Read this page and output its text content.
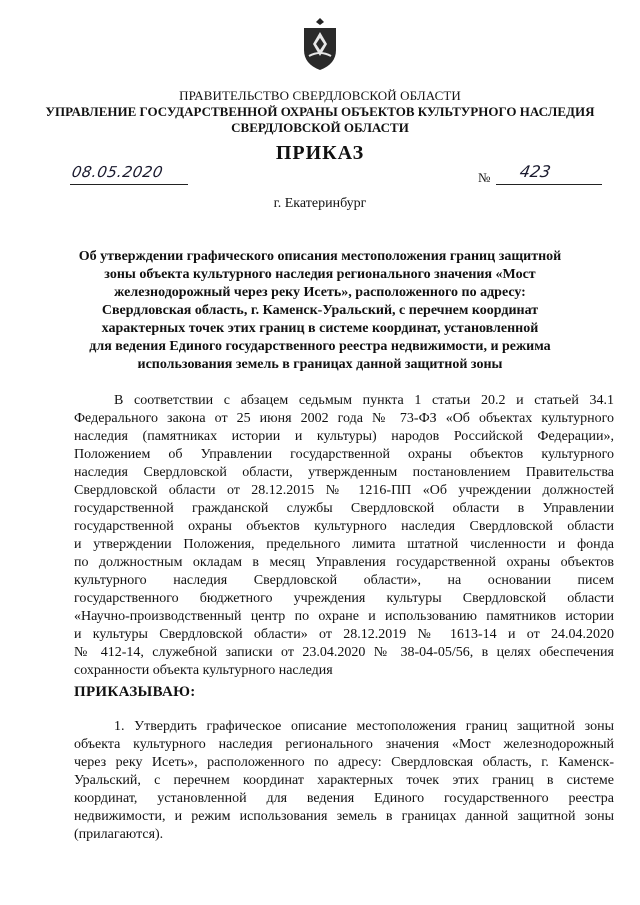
ПРАВИТЕЛЬСТВО СВЕРДЛОВСКОЙ ОБЛАСТИ
УПРАВЛЕНИЕ ГОСУДАРСТВЕННОЙ ОХРАНЫ ОБЪЕКТОВ КУЛЬТУРНОГО НАСЛЕДИЯ
СВЕРДЛОВСКОЙ ОБЛАСТИ
ПРИКАЗ
08.05.2020	№ 423
г. Екатеринбург
Об утверждении графического описания местоположения границ защитной
зоны объекта культурного наследия регионального значения «Мост
железнодорожный через реку Исеть», расположенного по адресу:
Свердловская область, г. Каменск-Уральский, с перечнем координат
характерных точек этих границ в системе координат, установленной
для ведения Единого государственного реестра недвижимости, и режима
использования земель в границах данной защитной зоны
В соответствии с абзацем седьмым пункта 1 статьи 20.2 и статьей 34.1
Федерального закона от 25 июня 2002 года № 73-ФЗ «Об объектах культурного
наследия (памятниках истории и культуры) народов Российской Федерации»,
Положением об Управлении государственной охраны объектов культурного
наследия Свердловской области, утвержденным постановлением Правительства
Свердловской области от 28.12.2015 № 1216-ПП «Об учреждении должностей
государственной гражданской службы Свердловской области в Управлении
государственной охраны объектов культурного наследия Свердловской области
и утверждении Положения, предельного лимита штатной численности и фонда
по должностным окладам в месяц Управления государственной охраны объектов
культурного наследия Свердловской области», на основании писем
государственного бюджетного учреждения культуры Свердловской области
«Научно-производственный центр по охране и использованию памятников истории
и культуры Свердловской области» от 28.12.2019 № 1613-14 и от 24.04.2020
№ 412-14, служебной записки от 23.04.2020 № 38-04-05/56, в целях обеспечения
сохранности объекта культурного наследия
ПРИКАЗЫВАЮ:
1. Утвердить графическое описание местоположения границ защитной зоны
объекта культурного наследия регионального значения «Мост железнодорожный
через реку Исеть», расположенного по адресу: Свердловская область, г. Каменск-
Уральский, с перечнем координат характерных точек этих границ в системе
координат, установленной для ведения Единого государственного реестра
недвижимости, и режим использования земель в границах данной защитной зоны
(прилагаются).
